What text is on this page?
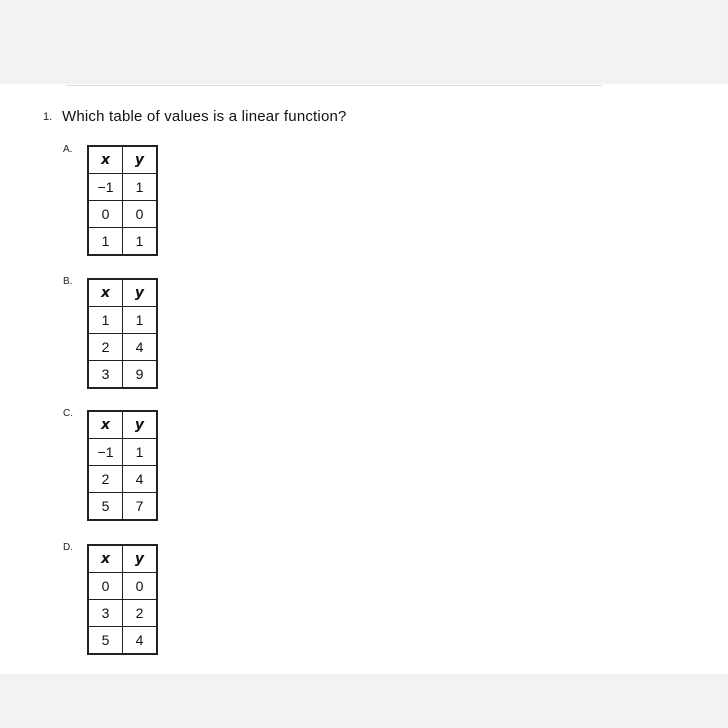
1. Which table of values is a linear function?
A.
x	y
−1	1
0	0
1	1
B.
x	y
1	1
2	4
3	9
C.
x	y
−1	1
2	4
5	7
D.
x	y
0	0
3	2
5	4
